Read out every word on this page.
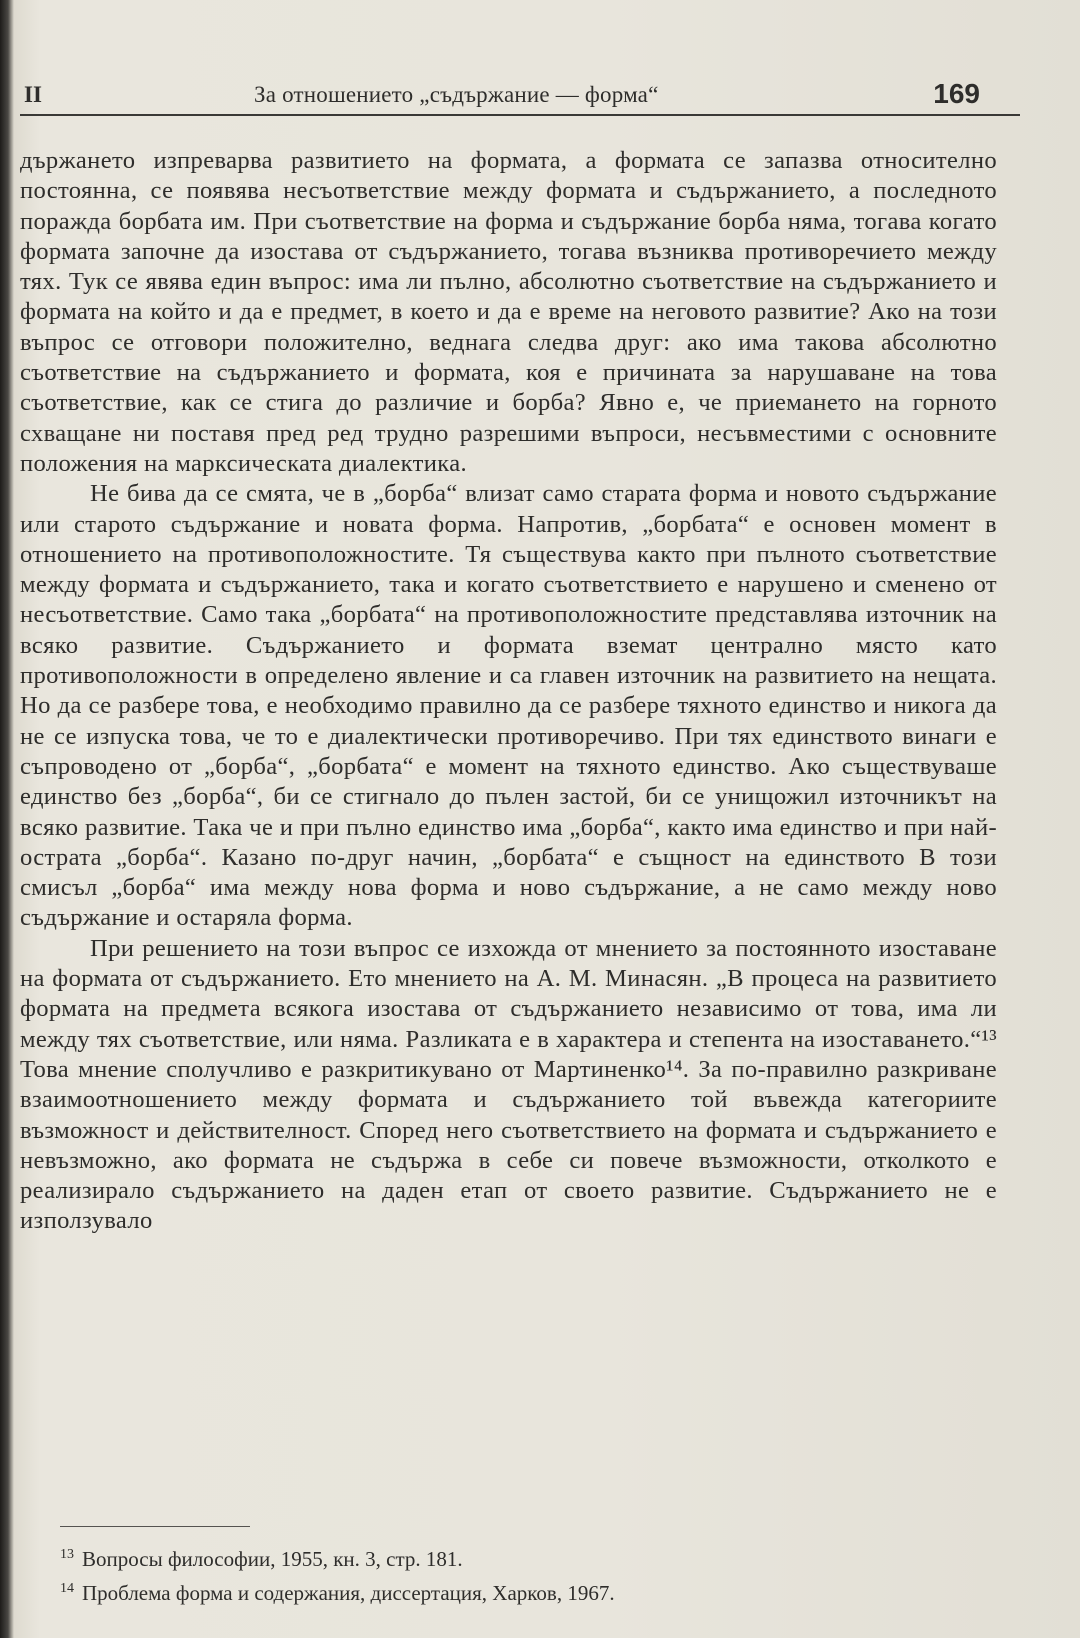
II	За отношението „съдържание — форма“	169

държането изпреварва развитието на формата, а формата се запазва относително постоянна, се появява несъответствие между формата и съдържанието, а последното поражда борбата им. При съответствие на форма и съдържание борба няма, тогава когато формата започне да изостава от съдържанието, тогава възниква противоречието между тях. Тук се явява един въпрос: има ли пълно, абсолютно съответствие на съдържанието и формата на който и да е предмет, в което и да е време на неговото развитие? Ако на този въпрос се отговори положително, веднага следва друг: ако има такова абсолютно съответствие на съдържанието и формата, коя е причината за нарушаване на това съответствие, как се стига до различие и борба? Явно е, че приемането на горното схващане ни поставя пред ред трудно разрешими въпроси, несъвместими с основните положения на марксическата диалектика.

Не бива да се смята, че в „борба“ влизат само старата форма и новото съдържание или старото съдържание и новата форма. Напротив, „борбата“ е основен момент в отношението на противоположностите. Тя съществува както при пълното съответствие между формата и съдържанието, така и когато съответствието е нарушено и сменено от несъответствие. Само така „борбата“ на противоположностите представлява източник на всяко развитие. Съдържанието и формата вземат централно място като противоположности в определено явление и са главен източник на развитието на нещата. Но да се разбере това, е необходимо правилно да се разбере тяхното единство и никога да не се изпуска това, че то е диалектически противоречиво. При тях единството винаги е съпроводено от „борба“, „борбата“ е момент на тяхното единство. Ако съществуваше единство без „борба“, би се стигнало до пълен застой, би се унищожил източникът на всяко развитие. Така че и при пълно единство има „борба“, както има единство и при най-острата „борба“. Казано по-друг начин, „борбата“ е същност на единството В този смисъл „борба“ има между нова форма и ново съдържание, а не само между ново съдържание и остаряла форма.

При решението на този въпрос се изхожда от мнението за постоянното изоставане на формата от съдържанието. Ето мнението на А. М. Минасян. „В процеса на развитието формата на предмета всякога изостава от съдържанието независимо от това, има ли между тях съответствие, или няма. Разликата е в характера и степента на изоставането.“¹³ Това мнение сполучливо е разкритикувано от Мартиненко¹⁴. За по-правилно разкриване взаимоотношението между формата и съдържанието той въвежда категориите възможност и действителност. Според него съответствието на формата и съдържанието е невъзможно, ако формата не съдържа в себе си повече възможности, отколкото е реализирало съдържанието на даден етап от своето развитие. Съдържанието не е използувало

$^{13}$ Вопросы философии, 1955, кн. 3, стр. 181.
$^{14}$ Проблема форма и содержания, диссертация, Харков, 1967.
